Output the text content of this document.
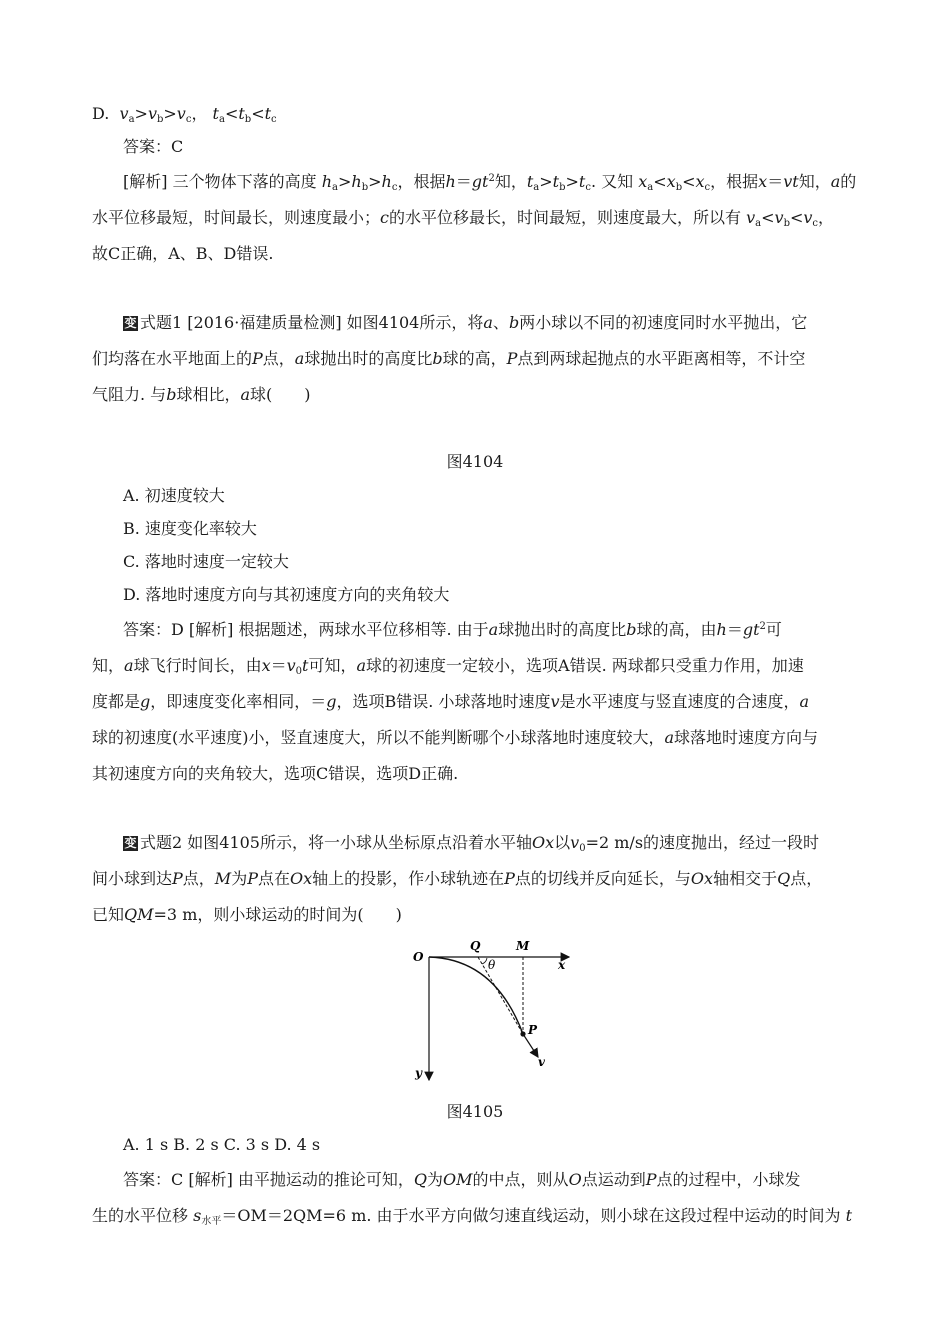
D. $v_a>v_b>v_c$， $t_a<t_b<t_c$
答案：C
[解析] 三个物体下落的高度 $h_a>h_b>h_c$，根据$h=gt^2$知，$t_a>t_b>t_c$. 又知 $x_a<x_b<x_c$，根据x＝vt知，a的
水平位移最短，时间最长，则速度最小；c的水平位移最长，时间最短，则速度最大，所以有 $v_a<v_b<v_c$，
故C正确，A、B、D错误.
变 式题1 [2016·福建质量检测] 如图4104所示，将a、b两小球以不同的初速度同时水平抛出，它
们均落在水平地面上的P点，a球抛出时的高度比b球的高，P点到两球起抛点的水平距离相等，不计空
气阻力. 与b球相比，a球(　　)
图4104
A. 初速度较大
B. 速度变化率较大
C. 落地时速度一定较大
D. 落地时速度方向与其初速度方向的夹角较大
答案：D [解析] 根据题述，两球水平位移相等. 由于a球抛出时的高度比b球的高，由$h=gt^2$可
知，a球飞行时间长，由$x=v_0t$可知，a球的初速度一定较小，选项A错误. 两球都只受重力作用，加速
度都是g，即速度变化率相同，＝g，选项B错误. 小球落地时速度v是水平速度与竖直速度的合速度，a
球的初速度(水平速度)小，竖直速度大，所以不能判断哪个小球落地时速度较大，a球落地时速度方向与
其初速度方向的夹角较大，选项C错误，选项D正确.
变 式题2 如图4105所示，将一小球从坐标原点沿着水平轴Ox以$v_0=2$ m/s的速度抛出，经过一段时
间小球到达P点，M为P点在Ox轴上的投影，作小球轨迹在P点的切线并反向延长，与Ox轴相交于Q点，
已知QM=3 m，则小球运动的时间为(　　)
O
Q	M
x
y
P
v
θ
图4105
A. 1 s B. 2 s C. 3 s D. 4 s
答案：C [解析] 由平抛运动的推论可知，Q为OM的中点，则从O点运动到P点的过程中，小球发
生的水平位移 $s_{水平}=OM=2QM=6$ m. 由于水平方向做匀速直线运动，则小球在这段过程中运动的时间为 t
